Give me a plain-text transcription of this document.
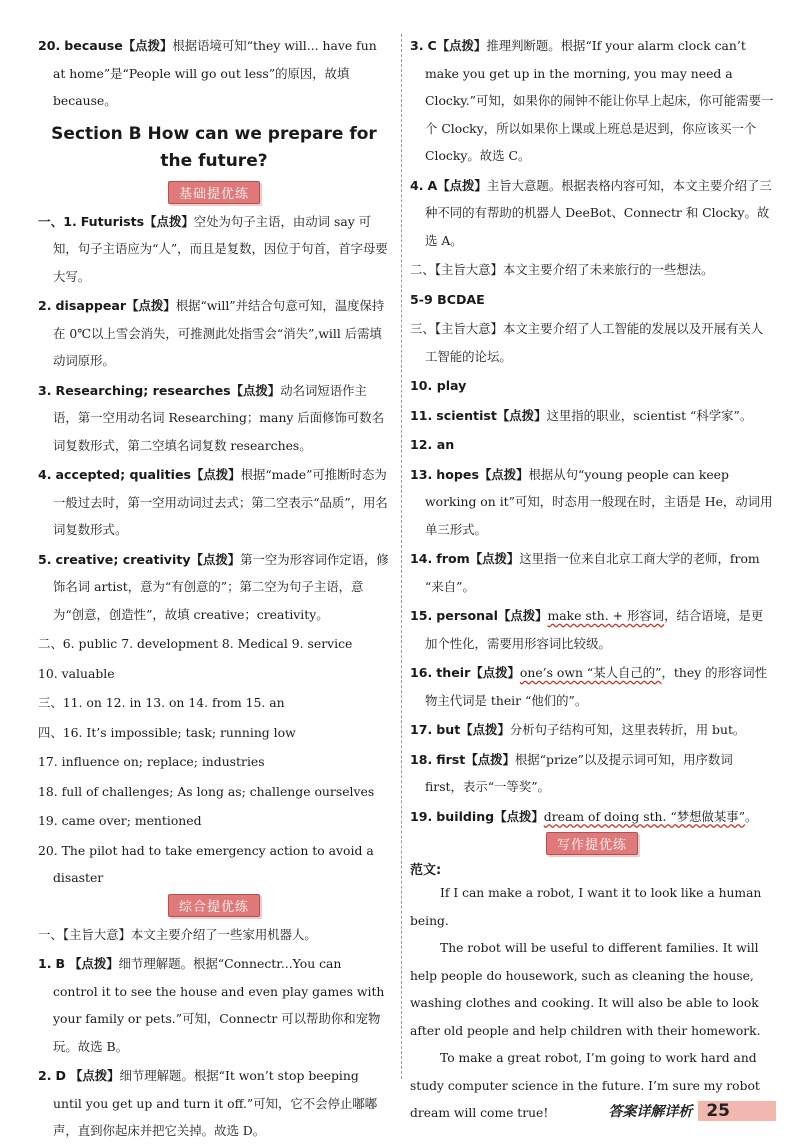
20. because【点拨】根据语境可知“they will... have fun at home”是“People will go out less”的原因，故填 because。

Section B How can we prepare for
the future?
基础提优练

一、1. Futurists【点拨】空处为句子主语，由动词 say 可知，句子主语应为“人”，而且是复数，因位于句首，首字母要大写。

2. disappear【点拨】根据“will”并结合句意可知，温度保持在 0℃以上雪会消失，可推测此处指雪会“消失”,will 后需填动词原形。

3. Researching; researches【点拨】动名词短语作主语，第一空用动名词 Researching；many 后面修饰可数名词复数形式，第二空填名词复数 researches。

4. accepted; qualities【点拨】根据“made”可推断时态为一般过去时，第一空用动词过去式；第二空表示“品质”，用名词复数形式。

5. creative; creativity【点拨】第一空为形容词作定语，修饰名词 artist，意为“有创意的”；第二空为句子主语，意为“创意，创造性”，故填 creative；creativity。

二、6. public 7. development 8. Medical 9. service

10. valuable

三、11. on 12. in 13. on 14. from 15. an

四、16. It’s impossible; task; running low

17. influence on; replace; industries

18. full of challenges; As long as; challenge ourselves

19. came over; mentioned

20. The pilot had to take emergency action to avoid a disaster

综合提优练

一、【主旨大意】本文主要介绍了一些家用机器人。

1. B 【点拨】细节理解题。根据“Connectr...You can control it to see the house and even play games with your family or pets.”可知，Connectr 可以帮助你和宠物玩。故选 B。

2. D 【点拨】细节理解题。根据“It won’t stop beeping until you get up and turn it off.”可知，它不会停止嘟嘟声，直到你起床并把它关掉。故选 D。

3. C【点拨】推理判断题。根据“If your alarm clock can’t make you get up in the morning, you may need a Clocky.”可知，如果你的闹钟不能让你早上起床，你可能需要一个 Clocky，所以如果你上课或上班总是迟到，你应该买一个 Clocky。故选 C。

4. A【点拨】主旨大意题。根据表格内容可知，本文主要介绍了三种不同的有帮助的机器人 DeeBot、Connectr 和 Clocky。故选 A。

二、【主旨大意】本文主要介绍了未来旅行的一些想法。

5-9 BCDAE

三、【主旨大意】本文主要介绍了人工智能的发展以及开展有关人工智能的论坛。

10. play

11. scientist【点拨】这里指的职业，scientist “科学家”。

12. an

13. hopes【点拨】根据从句“young people can keep working on it”可知，时态用一般现在时，主语是 He，动词用单三形式。

14. from【点拨】这里指一位来自北京工商大学的老师，from “来自”。

15. personal【点拨】make sth. + 形容词，结合语境，是更加个性化，需要用形容词比较级。

16. their【点拨】one’s own “某人自己的”，they 的形容词性物主代词是 their “他们的”。

17. but【点拨】分析句子结构可知，这里表转折，用 but。

18. first【点拨】根据“prize”以及提示词可知，用序数词 first，表示“一等奖”。

19. building【点拨】dream of doing sth. “梦想做某事”。

写作提优练
范文:

If I can make a robot, I want it to look like a human being.

The robot will be useful to different families. It will help people do housework, such as cleaning the house, washing clothes and cooking. It will also be able to look after old people and help children with their homework.

To make a great robot, I’m going to work hard and study computer science in the future. I’m sure my robot dream will come true!	答案详解详析 25
